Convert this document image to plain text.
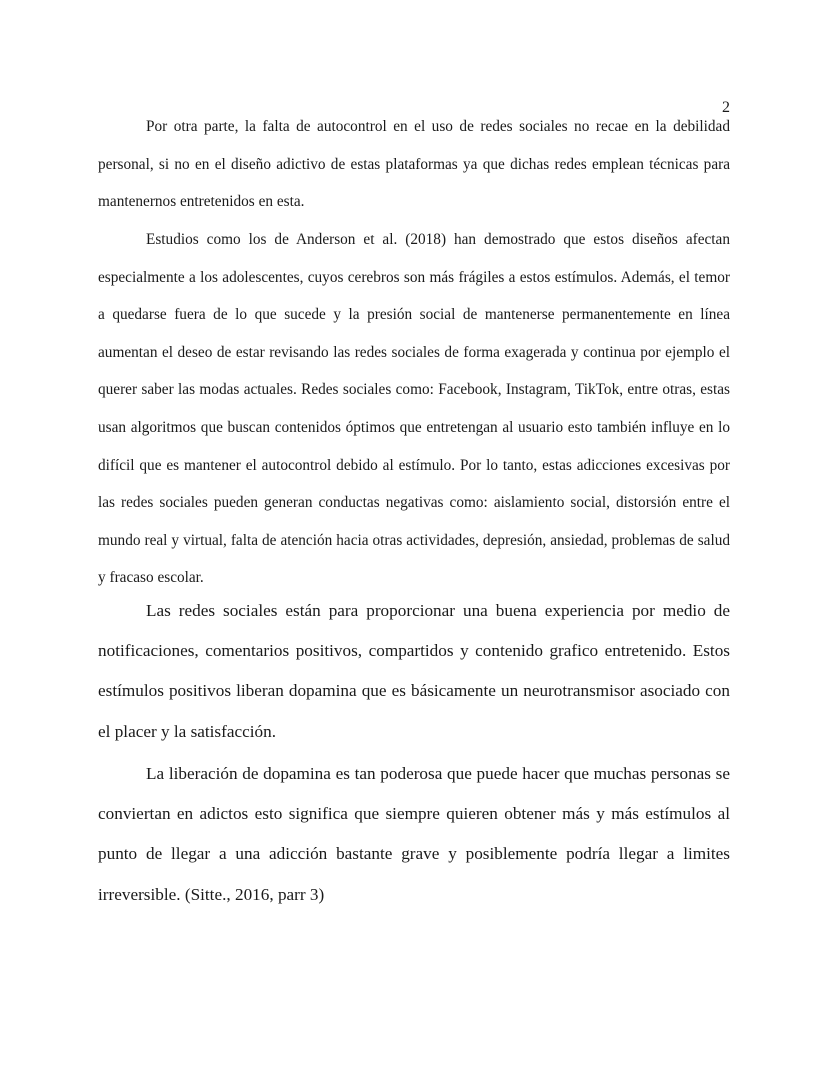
2

Por otra parte, la falta de autocontrol en el uso de redes sociales no recae en la debilidad personal, si no en el diseño adictivo de estas plataformas ya que dichas redes emplean técnicas para mantenernos entretenidos en esta.

Estudios como los de Anderson et al. (2018) han demostrado que estos diseños afectan especialmente a los adolescentes, cuyos cerebros son más frágiles a estos estímulos. Además, el temor a quedarse fuera de lo que sucede y la presión social de mantenerse permanentemente en línea aumentan el deseo de estar revisando las redes sociales de forma exagerada y continua por ejemplo el querer saber las modas actuales. Redes sociales como: Facebook, Instagram, TikTok, entre otras, estas usan algoritmos que buscan contenidos óptimos que entretengan al usuario esto también influye en lo difícil que es mantener el autocontrol debido al estímulo. Por lo tanto, estas adicciones excesivas por las redes sociales pueden generan conductas negativas como: aislamiento social, distorsión entre el mundo real y virtual, falta de atención hacia otras actividades, depresión, ansiedad, problemas de salud y fracaso escolar.

Las redes sociales están para proporcionar una buena experiencia por medio de notificaciones, comentarios positivos, compartidos y contenido grafico entretenido. Estos estímulos positivos liberan dopamina que es básicamente un neurotransmisor asociado con el placer y la satisfacción.

La liberación de dopamina es tan poderosa que puede hacer que muchas personas se conviertan en adictos esto significa que siempre quieren obtener más y más estímulos al punto de llegar a una adicción bastante grave y posiblemente podría llegar a limites irreversible. (Sitte., 2016, parr 3)
